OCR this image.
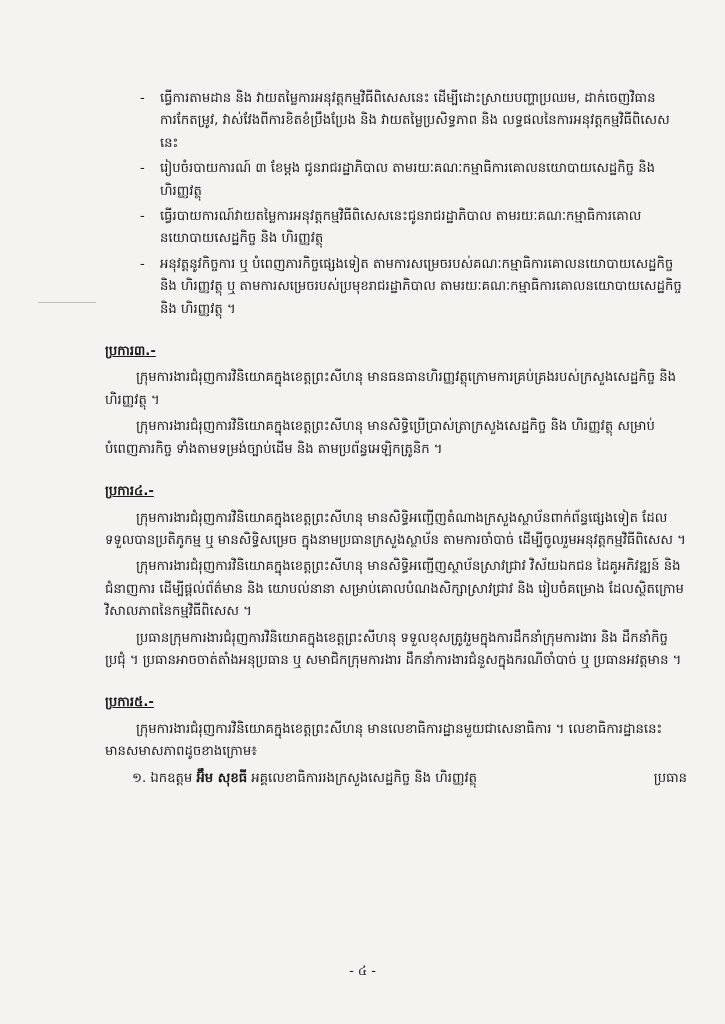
- ធ្វើការតាមដាន និង វាយតម្លៃការអនុវត្តកម្មវិធីពិសេសនេះ ដើម្បីដោះស្រាយបញ្ហាប្រឈម, ដាក់ចេញវិធានការកែតម្រូវ, វាស់វែងពីការខិតខំប្រឹងប្រែង និង វាយតម្លៃប្រសិទ្ធភាព និង លទ្ធផលនៃការអនុវត្តកម្មវិធីពិសេសនេះ
- រៀបចំរបាយការណ៍ ៣ ខែម្តង ជូនរាជរដ្ឋាភិបាល តាមរយៈគណៈកម្មាធិការគោលនយោបាយសេដ្ឋកិច្ច និង ហិរញ្ញវត្ថុ
- ធ្វើរបាយការណ៍វាយតម្លៃការអនុវត្តកម្មវិធីពិសេសនេះជូនរាជរដ្ឋាភិបាល តាមរយៈគណៈកម្មាធិការគោលនយោបាយសេដ្ឋកិច្ច និង ហិរញ្ញវត្ថុ
- អនុវត្តនូវកិច្ចការ ឬ បំពេញភារកិច្ចផ្សេងទៀត តាមការសម្រេចរបស់គណៈកម្មាធិការគោលនយោបាយសេដ្ឋកិច្ច និង ហិរញ្ញវត្ថុ ឬ តាមការសម្រេចរបស់ប្រមុខរាជរដ្ឋាភិបាល តាមរយៈគណៈកម្មាធិការគោលនយោបាយសេដ្ឋកិច្ច និង ហិរញ្ញវត្ថុ ។
ប្រការ៣.-

ក្រុមការងារជំរុញការវិនិយោគក្នុងខេត្តព្រះសីហនុ មានធនធានហិរញ្ញវត្ថុក្រោមការគ្រប់គ្រងរបស់ក្រសួងសេដ្ឋកិច្ច និង ហិរញ្ញវត្ថុ ។

ក្រុមការងារជំរុញការវិនិយោគក្នុងខេត្តព្រះសីហនុ មានសិទ្ធិប្រើប្រាស់ត្រាក្រសួងសេដ្ឋកិច្ច និង ហិរញ្ញវត្ថុ សម្រាប់បំពេញភារកិច្ច ទាំងតាមទម្រង់ច្បាប់ដើម និង តាមប្រព័ន្ធអេឡិកត្រូនិក ។

ប្រការ៤.-

ក្រុមការងារជំរុញការវិនិយោគក្នុងខេត្តព្រះសីហនុ មានសិទ្ធិអញ្ជើញតំណាងក្រសួងស្ថាប័នពាក់ព័ន្ធផ្សេងទៀត ដែលទទួលបានប្រតិភូកម្ម ឬ មានសិទ្ធិសម្រេច ក្នុងនាមប្រធានក្រសួងស្ថាប័ន តាមការចាំបាច់ ដើម្បីចូលរួមអនុវត្តកម្មវិធីពិសេស ។

ក្រុមការងារជំរុញការវិនិយោគក្នុងខេត្តព្រះសីហនុ មានសិទ្ធិអញ្ជើញស្ថាប័នស្រាវជ្រាវ វិស័យឯកជន ដៃគូអភិវឌ្ឍន៍ និង ជំនាញការ ដើម្បីផ្តល់ព័ត៌មាន និង យោបល់នានា សម្រាប់គោលបំណងសិក្សាស្រាវជ្រាវ និង រៀបចំគម្រោង ដែលស្ថិតក្រោមវិសាលភាពនៃកម្មវិធីពិសេស ។

ប្រធានក្រុមការងារជំរុញការវិនិយោគក្នុងខេត្តព្រះសីហនុ ទទួលខុសត្រូវរួមក្នុងការដឹកនាំក្រុមការងារ និង ដឹកនាំកិច្ចប្រជុំ ។ ប្រធានអាចចាត់តាំងអនុប្រធាន ឬ សមាជិកក្រុមការងារ ដឹកនាំការងារជំនួសក្នុងករណីចាំបាច់ ឬ ប្រធានអវត្តមាន ។

ប្រការ៥.-

ក្រុមការងារជំរុញការវិនិយោគក្នុងខេត្តព្រះសីហនុ មានលេខាធិការដ្ឋានមួយជាសេនាធិការ ។ លេខាធិការដ្ឋាននេះ មានសមាសភាពដូចខាងក្រោម៖

១. ឯកឧត្តម អ៊ឹម សុខធី អគ្គលេខាធិការរងក្រសួងសេដ្ឋកិច្ច និង ហិរញ្ញវត្ថុ	ប្រធាន
- ៤ -
